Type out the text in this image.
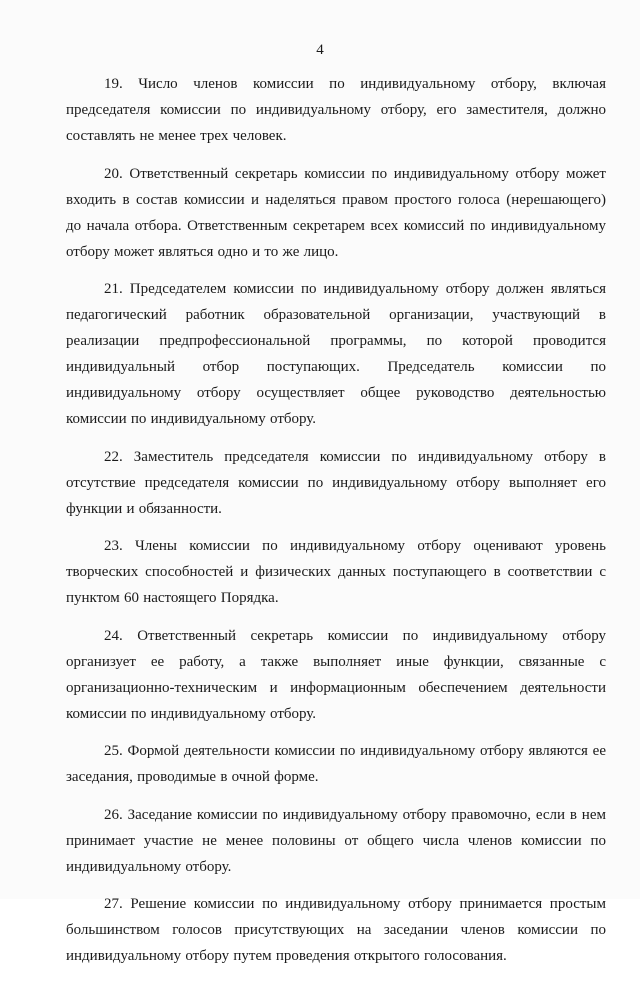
4

19. Число членов комиссии по индивидуальному отбору, включая председателя комиссии по индивидуальному отбору, его заместителя, должно составлять не менее трех человек.

20. Ответственный секретарь комиссии по индивидуальному отбору может входить в состав комиссии и наделяться правом простого голоса (нерешающего) до начала отбора. Ответственным секретарем всех комиссий по индивидуальному отбору может являться одно и то же лицо.

21. Председателем комиссии по индивидуальному отбору должен являться педагогический работник образовательной организации, участвующий в реализации предпрофессиональной программы, по которой проводится индивидуальный отбор поступающих. Председатель комиссии по индивидуальному отбору осуществляет общее руководство деятельностью комиссии по индивидуальному отбору.

22. Заместитель председателя комиссии по индивидуальному отбору в отсутствие председателя комиссии по индивидуальному отбору выполняет его функции и обязанности.

23. Члены комиссии по индивидуальному отбору оценивают уровень творческих способностей и физических данных поступающего в соответствии с пунктом 60 настоящего Порядка.

24. Ответственный секретарь комиссии по индивидуальному отбору организует ее работу, а также выполняет иные функции, связанные с организационно-техническим и информационным обеспечением деятельности комиссии по индивидуальному отбору.

25. Формой деятельности комиссии по индивидуальному отбору являются ее заседания, проводимые в очной форме.

26. Заседание комиссии по индивидуальному отбору правомочно, если в нем принимает участие не менее половины от общего числа членов комиссии по индивидуальному отбору.

27. Решение комиссии по индивидуальному отбору принимается простым большинством голосов присутствующих на заседании членов комиссии по индивидуальному отбору путем проведения открытого голосования.
